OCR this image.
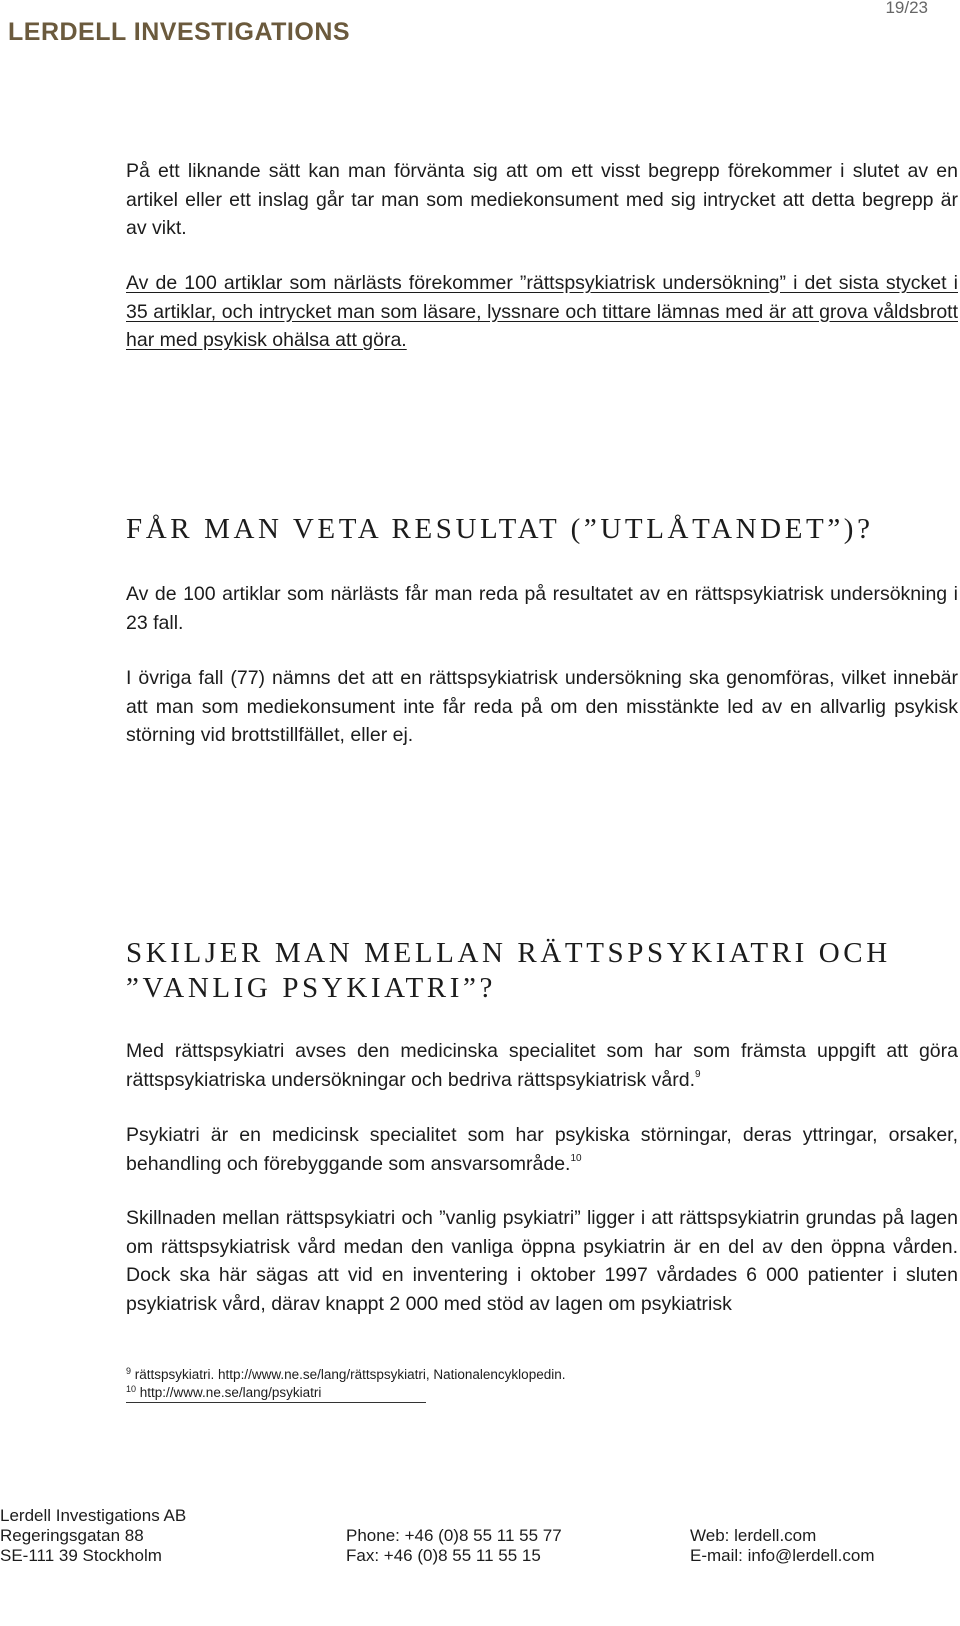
LERDELL INVESTIGATIONS
19/23

På ett liknande sätt kan man förvänta sig att om ett visst begrepp förekommer i slutet av en artikel eller ett inslag går tar man som mediekonsument med sig intrycket att detta begrepp är av vikt.

Av de 100 artiklar som närlästs förekommer ”rättspsykiatrisk undersökning” i det sista stycket i 35 artiklar, och intrycket man som läsare, lyssnare och tittare lämnas med är att grova våldsbrott har med psykisk ohälsa att göra.

FÅR MAN VETA RESULTAT (”UTLÅTANDET”)?

Av de 100 artiklar som närlästs får man reda på resultatet av en rättspsykiatrisk undersökning i 23 fall.

I övriga fall (77) nämns det att en rättspsykiatrisk undersökning ska genomföras, vilket innebär att man som mediekonsument inte får reda på om den misstänkte led av en allvarlig psykisk störning vid brottstillfället, eller ej.

SKILJER MAN MELLAN RÄTTSPSYKIATRI OCH ”VANLIG PSYKIATRI”?

Med rättspsykiatri avses den medicinska specialitet som har som främsta uppgift att göra rättspsykiatriska undersökningar och bedriva rättspsykiatrisk vård.$^9$

Psykiatri är en medicinsk specialitet som har psykiska störningar, deras yttringar, orsaker, behandling och förebyggande som ansvarsområde.$^{10}$

Skillnaden mellan rättspsykiatri och ”vanlig psykiatri” ligger i att rättspsykiatrin grundas på lagen om rättspsykiatrisk vård medan den vanliga öppna psykiatrin är en del av den öppna vården. Dock ska här sägas att vid en inventering i oktober 1997 vårdades 6 000 patienter i sluten psykiatrisk vård, därav knappt 2 000 med stöd av lagen om psykiatrisk

$^9$ rättspsykiatri. http://www.ne.se/lang/rättspsykiatri, Nationalencyklopedin.

$^{10}$ http://www.ne.se/lang/psykiatri

Lerdell Investigations AB
Regeringsgatan 88
SE-111 39 Stockholm
Phone: +46 (0)8 55 11 55 77
Fax: +46 (0)8 55 11 55 15
Web: lerdell.com
E-mail: info@lerdell.com
